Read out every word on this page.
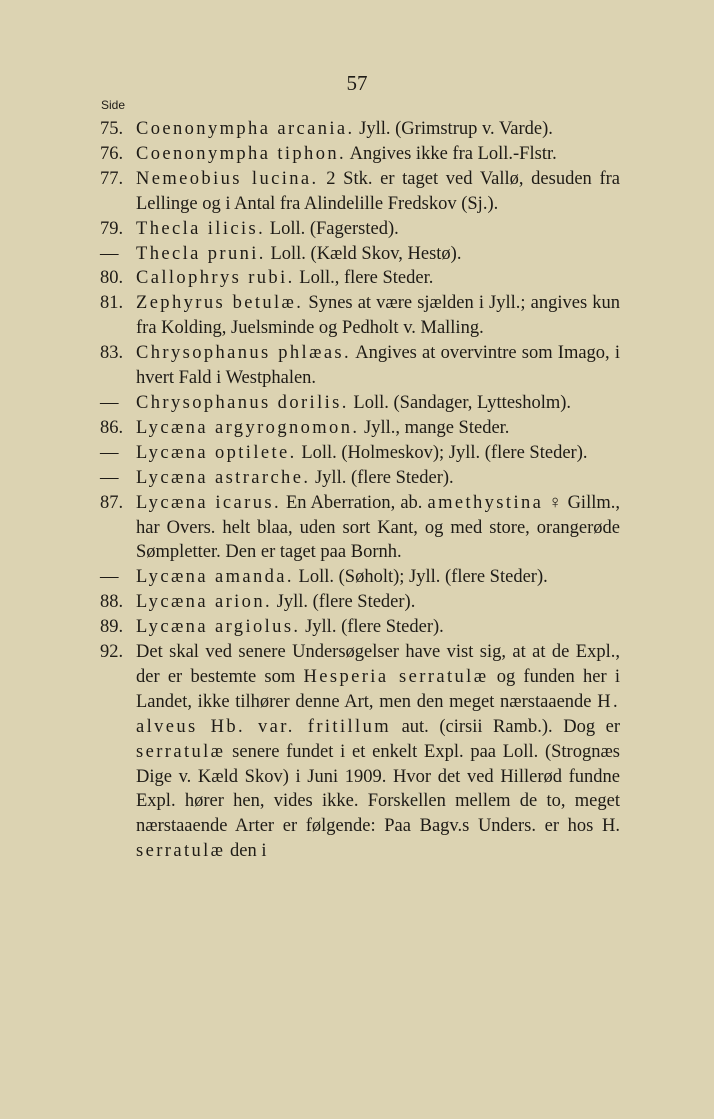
57
Side
75. Coenonympha arcania. Jyll. (Grimstrup v. Varde).
76. Coenonympha tiphon. Angives ikke fra Loll.-Flstr.
77. Nemeobius lucina. 2 Stk. er taget ved Vallø, desuden fra Lellinge og i Antal fra Alindelille Fredskov (Sj.).
79. Thecla ilicis. Loll. (Fagersted).
— Thecla pruni. Loll. (Kæld Skov, Hestø).
80. Callophrys rubi. Loll., flere Steder.
81. Zephyrus betulæ. Synes at være sjælden i Jyll.; angives kun fra Kolding, Juelsminde og Pedholt v. Malling.
83. Chrysophanus phlæas. Angives at overvintre som Imago, i hvert Fald i Westphalen.
— Chrysophanus dorilis. Loll. (Sandager, Lyttesholm).
86. Lycæna argyrognomon. Jyll., mange Steder.
— Lycæna optilete. Loll. (Holmeskov); Jyll. (flere Steder).
— Lycæna astrarche. Jyll. (flere Steder).
87. Lycæna icarus. En Aberration, ab. amethystina ♀ Gillm., har Overs. helt blaa, uden sort Kant, og med store, orangerøde Sømpletter. Den er taget paa Bornh.
— Lycæna amanda. Loll. (Søholt); Jyll. (flere Steder).
88. Lycæna arion. Jyll. (flere Steder).
89. Lycæna argiolus. Jyll. (flere Steder).
92. Det skal ved senere Undersøgelser have vist sig, at at de Expl., der er bestemte som Hesperia serratulæ og funden her i Landet, ikke tilhører denne Art, men den meget nærstaaende H. alveus Hb. var. fritillum aut. (cirsii Ramb.). Dog er serratulæ senere fundet i et enkelt Expl. paa Loll. (Strognæs Dige v. Kæld Skov) i Juni 1909. Hvor det ved Hillerød fundne Expl. hører hen, vides ikke. Forskellen mellem de to, meget nærstaaende Arter er følgende: Paa Bagv.s Unders. er hos H. serratulæ den i
